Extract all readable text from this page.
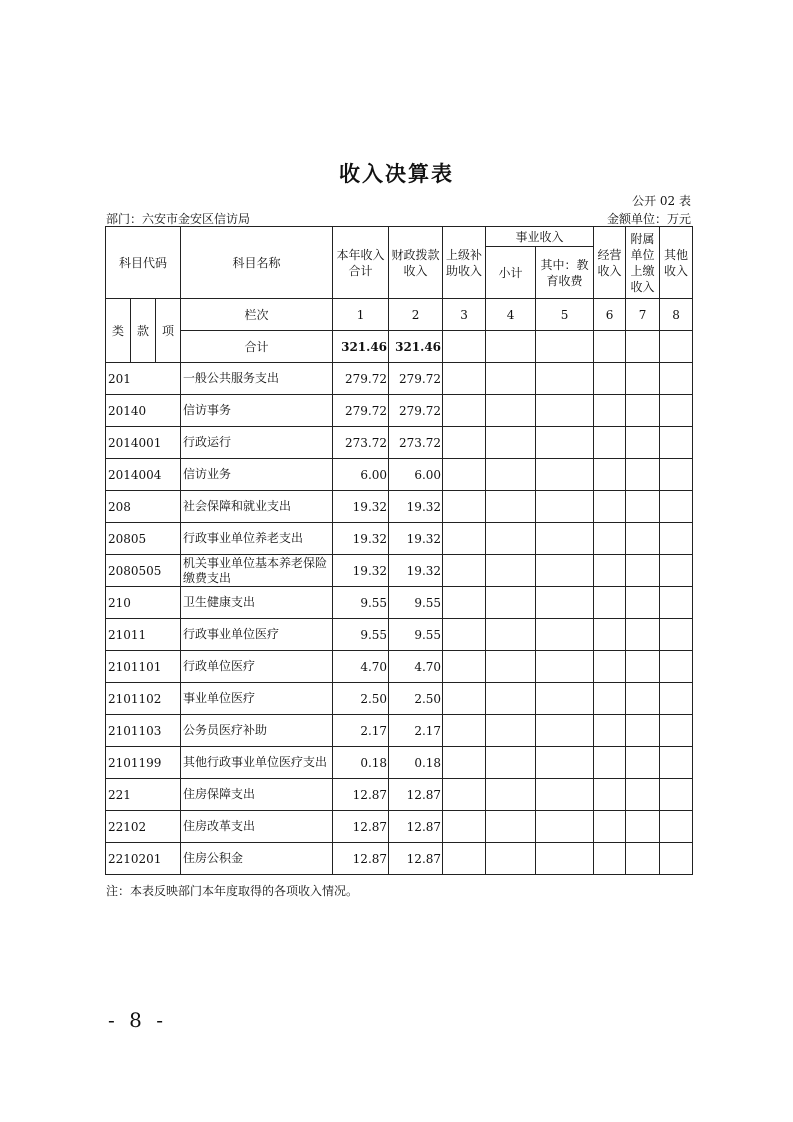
收入决算表
公开 02 表
部门：六安市金安区信访局	金额单位：万元
科目代码			科目名称	本年收入合计	财政拨款收入	上级补助收入	事业收入		经营收入	附属单位上缴收入	其他收入
							小计	其中：教育收费			
类	款	项	栏次	1	2	3	4	5	6	7	8
			合计	321.46	321.46						
201			一般公共服务支出	279.72	279.72						
20140			信访事务	279.72	279.72						
2014001			行政运行	273.72	273.72						
2014004			信访业务	6.00	6.00						
208			社会保障和就业支出	19.32	19.32						
20805			行政事业单位养老支出	19.32	19.32						
2080505			机关事业单位基本养老保险缴费支出	19.32	19.32						
210			卫生健康支出	9.55	9.55						
21011			行政事业单位医疗	9.55	9.55						
2101101			行政单位医疗	4.70	4.70						
2101102			事业单位医疗	2.50	2.50						
2101103			公务员医疗补助	2.17	2.17						
2101199			其他行政事业单位医疗支出	0.18	0.18						
221			住房保障支出	12.87	12.87						
22102			住房改革支出	12.87	12.87						
2210201			住房公积金	12.87	12.87						
注：本表反映部门本年度取得的各项收入情况。
- 8 -
